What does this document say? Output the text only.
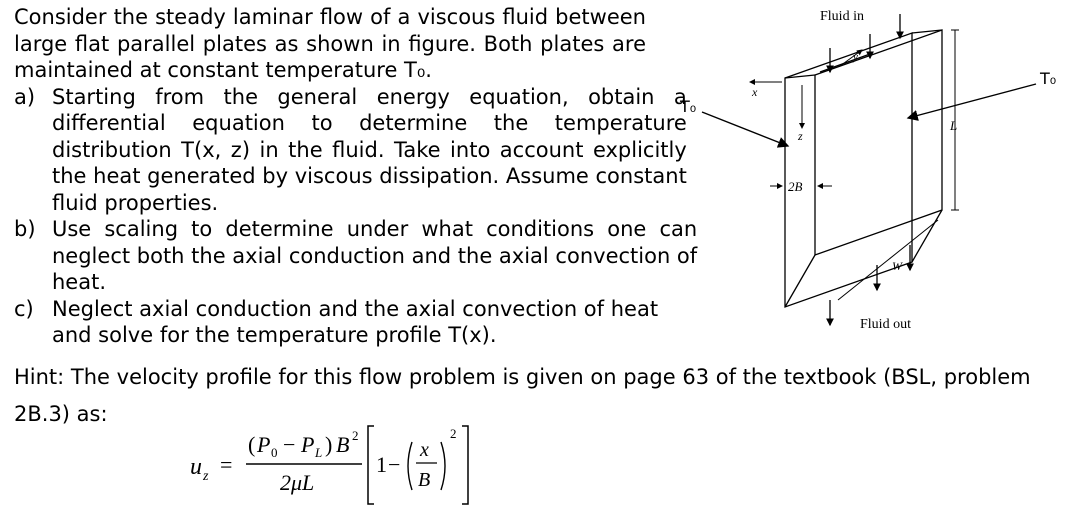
Consider the steady laminar flow of a viscous fluid between
large flat parallel plates as shown in figure. Both plates are
maintained at constant temperature T₀.
a) Starting from the general energy equation, obtain a
differential equation to determine the temperature
distribution T(x, z) in the fluid. Take into account explicitly
the heat generated by viscous dissipation. Assume constant
fluid properties.
b) Use scaling to determine under what conditions one can
neglect both the axial conduction and the axial convection of
heat.
c) Neglect axial conduction and the axial convection of heat
and solve for the temperature profile T(x).
Hint: The velocity profile for this flow problem is given on page 63 of the textbook (BSL, problem
2B.3) as:
u z =
( P 0 − P L ) B 2
2μL
1 −
x
B
2
Fluid in
y
x
z
2B
L
W
Fluid out
T₀
T₀
